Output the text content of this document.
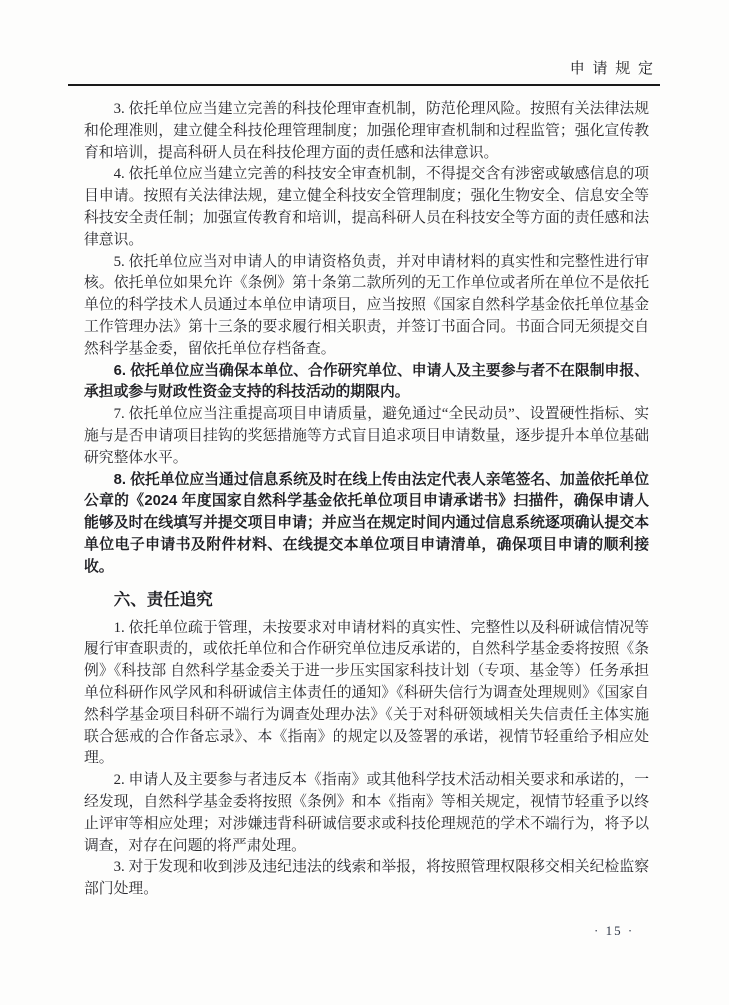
申 请 规 定

3. 依托单位应当建立完善的科技伦理审查机制，防范伦理风险。按照有关法律法规和伦理准则，建立健全科技伦理管理制度；加强伦理审查机制和过程监管；强化宣传教育和培训，提高科研人员在科技伦理方面的责任感和法律意识。

4. 依托单位应当建立完善的科技安全审查机制，不得提交含有涉密或敏感信息的项目申请。按照有关法律法规，建立健全科技安全管理制度；强化生物安全、信息安全等科技安全责任制；加强宣传教育和培训，提高科研人员在科技安全等方面的责任感和法律意识。

5. 依托单位应当对申请人的申请资格负责，并对申请材料的真实性和完整性进行审核。依托单位如果允许《条例》第十条第二款所列的无工作单位或者所在单位不是依托单位的科学技术人员通过本单位申请项目，应当按照《国家自然科学基金依托单位基金工作管理办法》第十三条的要求履行相关职责，并签订书面合同。书面合同无须提交自然科学基金委，留依托单位存档备查。

6. 依托单位应当确保本单位、合作研究单位、申请人及主要参与者不在限制申报、承担或参与财政性资金支持的科技活动的期限内。

7. 依托单位应当注重提高项目申请质量，避免通过“全民动员”、设置硬性指标、实施与是否申请项目挂钩的奖惩措施等方式盲目追求项目申请数量，逐步提升本单位基础研究整体水平。

8. 依托单位应当通过信息系统及时在线上传由法定代表人亲笔签名、加盖依托单位公章的《2024 年度国家自然科学基金依托单位项目申请承诺书》扫描件，确保申请人能够及时在线填写并提交项目申请；并应当在规定时间内通过信息系统逐项确认提交本单位电子申请书及附件材料、在线提交本单位项目申请清单，确保项目申请的顺利接收。

六、责任追究

1. 依托单位疏于管理，未按要求对申请材料的真实性、完整性以及科研诚信情况等履行审查职责的，或依托单位和合作研究单位违反承诺的，自然科学基金委将按照《条例》《科技部 自然科学基金委关于进一步压实国家科技计划（专项、基金等）任务承担单位科研作风学风和科研诚信主体责任的通知》《科研失信行为调查处理规则》《国家自然科学基金项目科研不端行为调查处理办法》《关于对科研领域相关失信责任主体实施联合惩戒的合作备忘录》、本《指南》的规定以及签署的承诺，视情节轻重给予相应处理。

2. 申请人及主要参与者违反本《指南》或其他科学技术活动相关要求和承诺的，一经发现，自然科学基金委将按照《条例》和本《指南》等相关规定，视情节轻重予以终止评审等相应处理；对涉嫌违背科研诚信要求或科技伦理规范的学术不端行为，将予以调查，对存在问题的将严肃处理。

3. 对于发现和收到涉及违纪违法的线索和举报，将按照管理权限移交相关纪检监察部门处理。

· 15 ·
